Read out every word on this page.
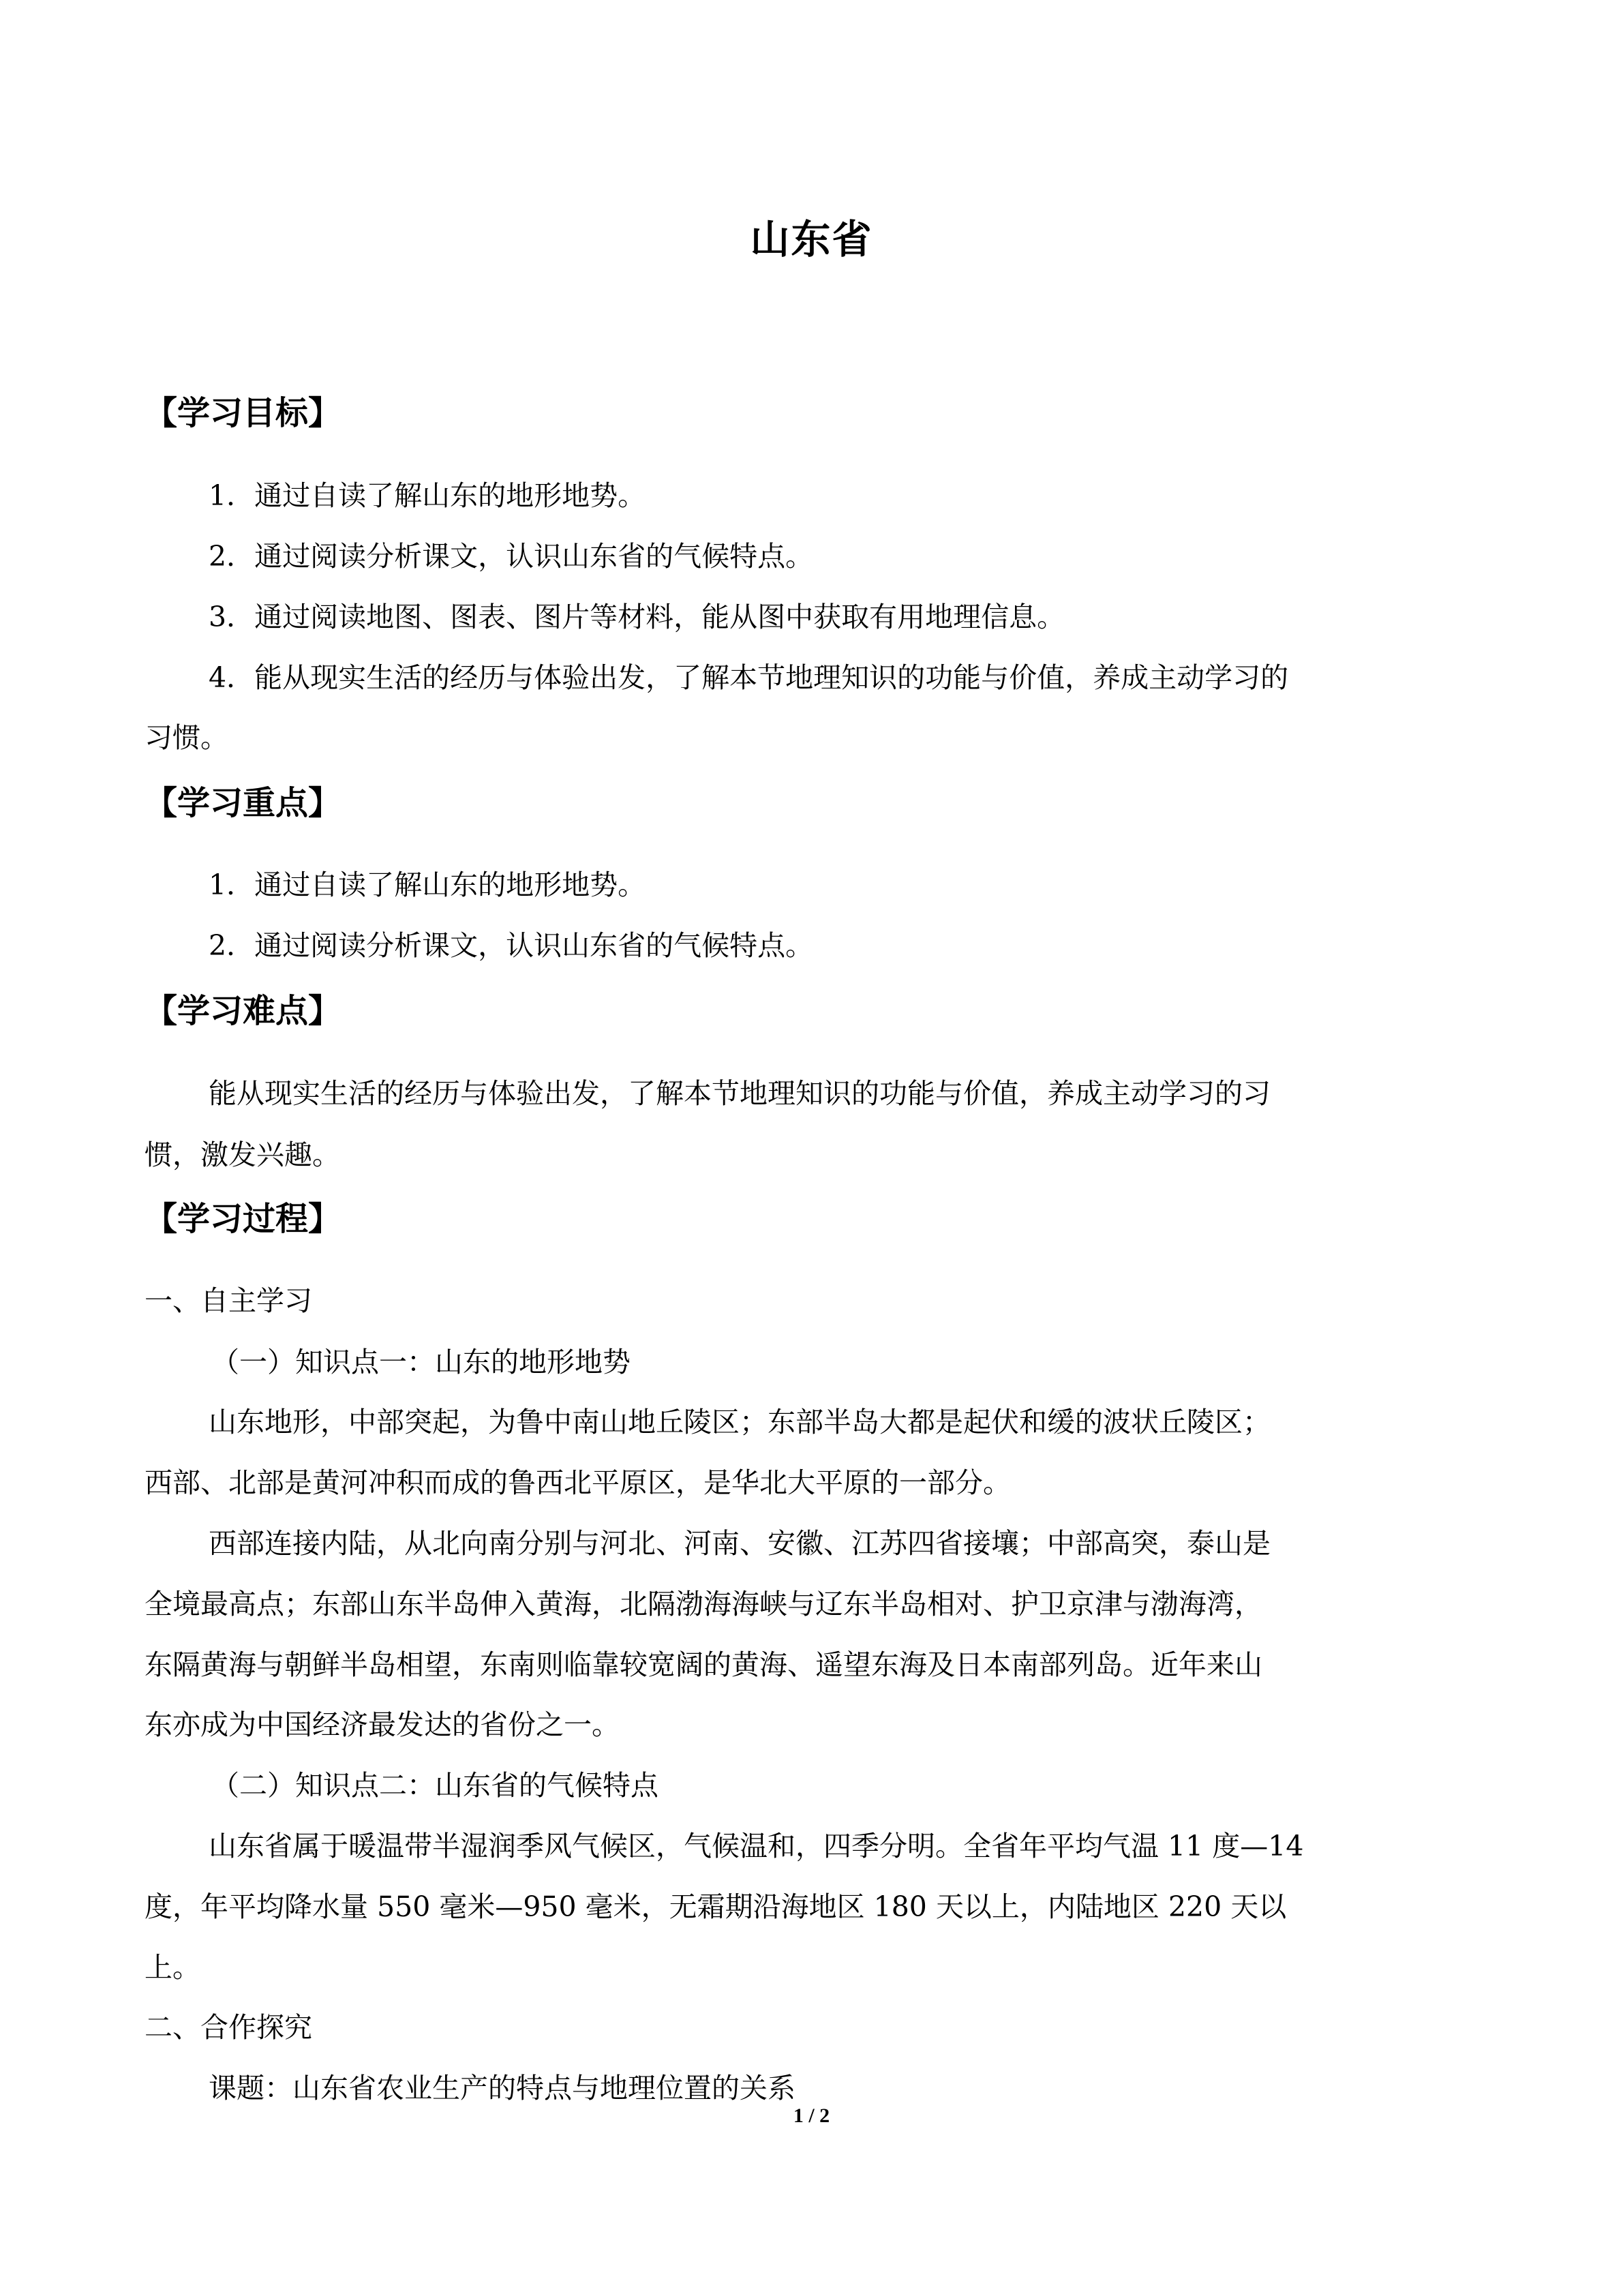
山东省
【学习目标】
1．通过自读了解山东的地形地势。
2．通过阅读分析课文，认识山东省的气候特点。
3．通过阅读地图、图表、图片等材料，能从图中获取有用地理信息。
4．能从现实生活的经历与体验出发，了解本节地理知识的功能与价值，养成主动学习的
习惯。
【学习重点】
1．通过自读了解山东的地形地势。
2．通过阅读分析课文，认识山东省的气候特点。
【学习难点】
能从现实生活的经历与体验出发，了解本节地理知识的功能与价值，养成主动学习的习
惯，激发兴趣。
【学习过程】
一、自主学习
（一）知识点一：山东的地形地势
山东地形，中部突起，为鲁中南山地丘陵区；东部半岛大都是起伏和缓的波状丘陵区；
西部、北部是黄河冲积而成的鲁西北平原区，是华北大平原的一部分。
西部连接内陆，从北向南分别与河北、河南、安徽、江苏四省接壤；中部高突，泰山是
全境最高点；东部山东半岛伸入黄海，北隔渤海海峡与辽东半岛相对、护卫京津与渤海湾，
东隔黄海与朝鲜半岛相望，东南则临靠较宽阔的黄海、遥望东海及日本南部列岛。近年来山
东亦成为中国经济最发达的省份之一。
（二）知识点二：山东省的气候特点
山东省属于暖温带半湿润季风气候区，气候温和，四季分明。全省年平均气温 11 度—14
度，年平均降水量 550 毫米—950 毫米，无霜期沿海地区 180 天以上，内陆地区 220 天以
上。
二、合作探究
课题：山东省农业生产的特点与地理位置的关系
1 / 2
